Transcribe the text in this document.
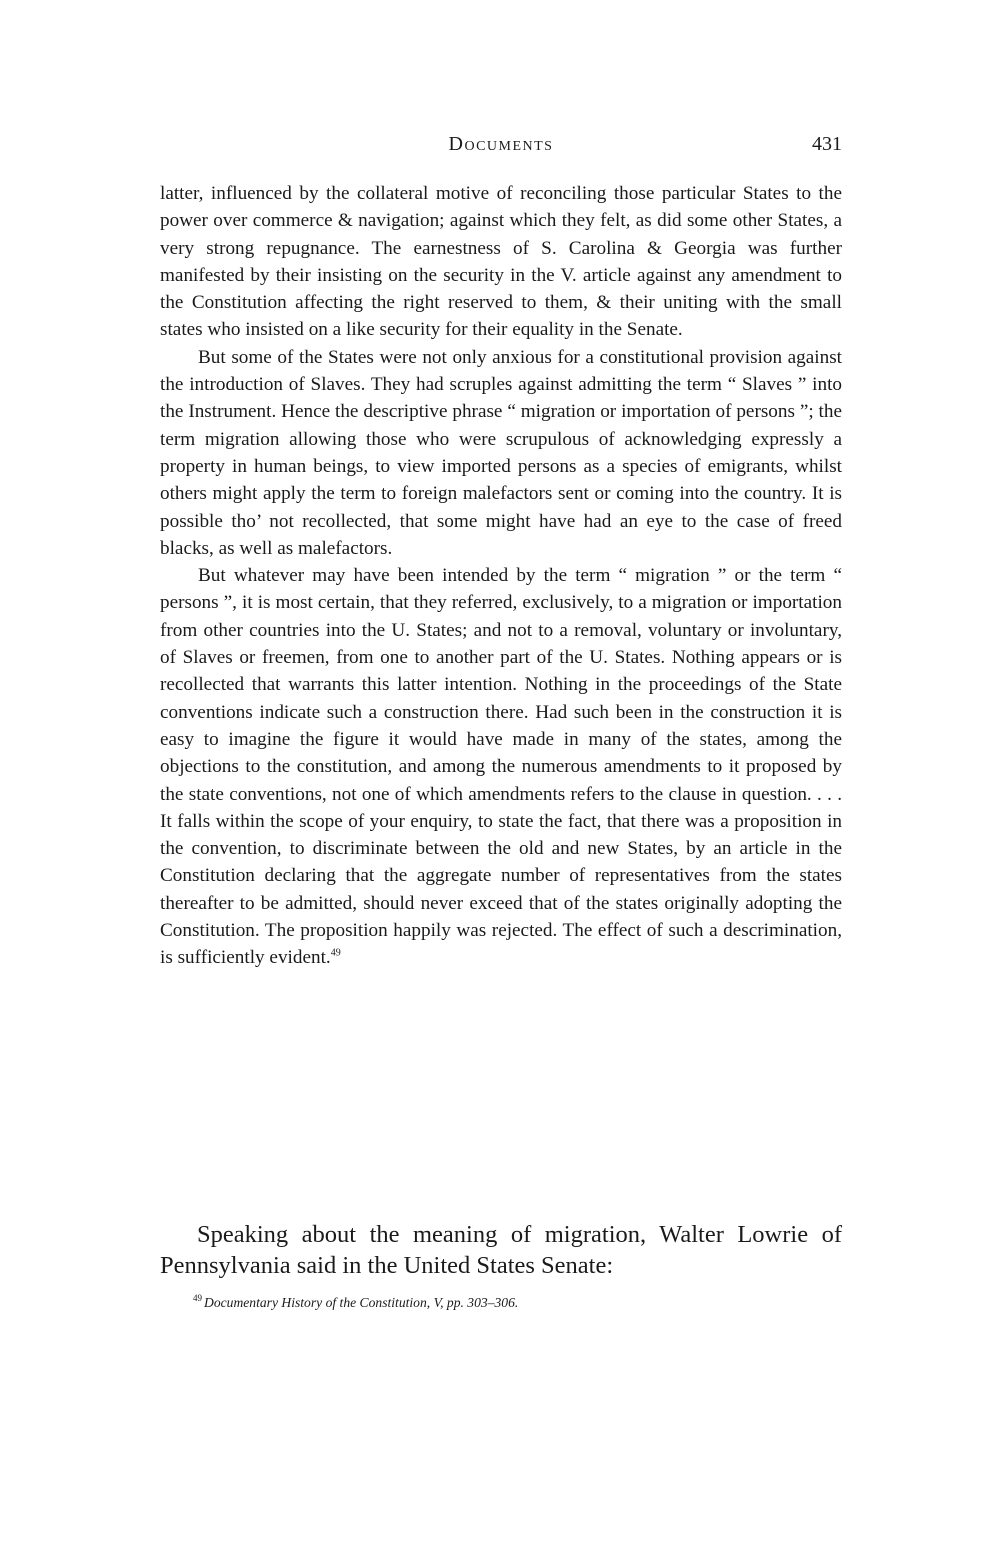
Documents	431

latter, influenced by the collateral motive of reconciling those particular States to the power over commerce & navigation; against which they felt, as did some other States, a very strong repugnance. The earnestness of S. Carolina & Georgia was further manifested by their insisting on the security in the V. article against any amendment to the Constitution affecting the right reserved to them, & their uniting with the small states who insisted on a like security for their equality in the Senate.

But some of the States were not only anxious for a constitutional provision against the introduction of Slaves. They had scruples against admitting the term “ Slaves ” into the Instrument. Hence the descriptive phrase “ migration or importation of persons ”; the term migration allowing those who were scrupulous of acknowledging expressly a property in human beings, to view imported persons as a species of emigrants, whilst others might apply the term to foreign malefactors sent or coming into the country. It is possible tho’ not recollected, that some might have had an eye to the case of freed blacks, as well as malefactors.

But whatever may have been intended by the term “ migration ” or the term “ persons ”, it is most certain, that they referred, exclusively, to a migration or importation from other countries into the U. States; and not to a removal, voluntary or involuntary, of Slaves or freemen, from one to another part of the U. States. Nothing appears or is recollected that warrants this latter intention. Nothing in the proceedings of the State conventions indicate such a construction there. Had such been in the construction it is easy to imagine the figure it would have made in many of the states, among the objections to the constitution, and among the numerous amendments to it proposed by the state conventions, not one of which amendments refers to the clause in question. . . . It falls within the scope of your enquiry, to state the fact, that there was a proposition in the convention, to discriminate between the old and new States, by an article in the Constitution declaring that the aggregate number of representatives from the states thereafter to be admitted, should never exceed that of the states originally adopting the Constitution. The proposition happily was rejected. The effect of such a descrimination, is sufficiently evident.$^{49}$

Speaking about the meaning of migration, Walter Lowrie of Pennsylvania said in the United States Senate:

$^{49}$ Documentary History of the Constitution, V, pp. 303–306.
